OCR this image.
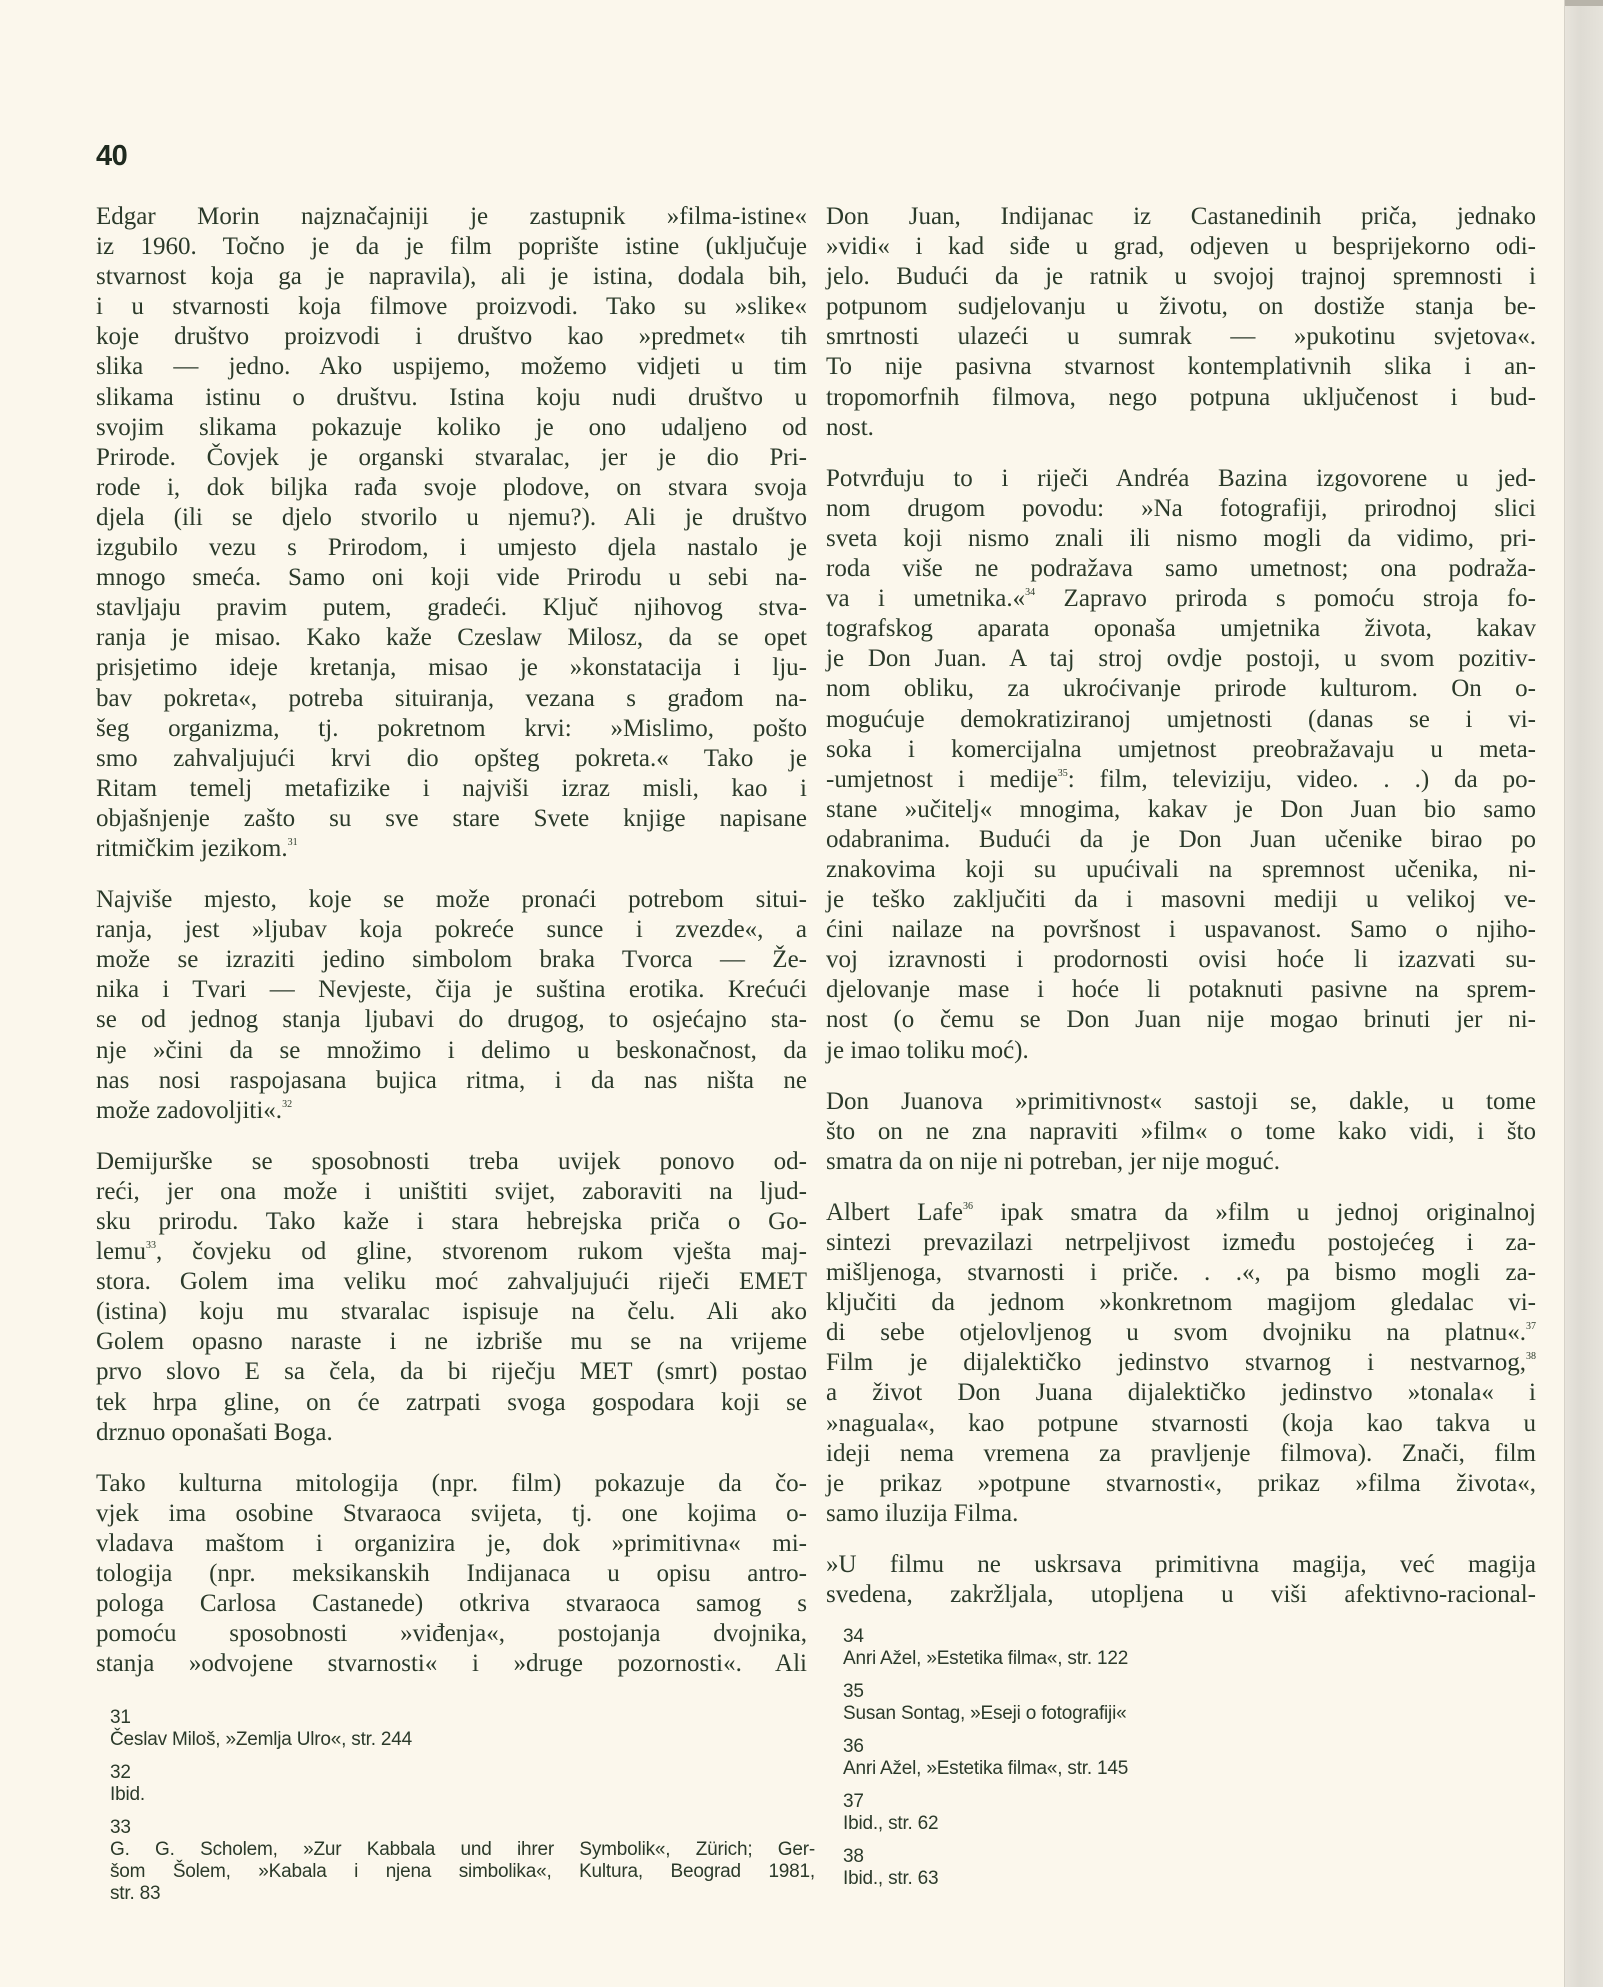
40
Edgar Morin najznačajniji je zastupnik »filma-istine«
iz 1960. Točno je da je film poprište istine (uključuje
stvarnost koja ga je napravila), ali je istina, dodala bih,
i u stvarnosti koja filmove proizvodi. Tako su »slike«
koje društvo proizvodi i društvo kao »predmet« tih
slika — jedno. Ako uspijemo, možemo vidjeti u tim
slikama istinu o društvu. Istina koju nudi društvo u
svojim slikama pokazuje koliko je ono udaljeno od
Prirode. Čovjek je organski stvaralac, jer je dio Pri-
rode i, dok biljka rađa svoje plodove, on stvara svoja
djela (ili se djelo stvorilo u njemu?). Ali je društvo
izgubilo vezu s Prirodom, i umjesto djela nastalo je
mnogo smeća. Samo oni koji vide Prirodu u sebi na-
stavljaju pravim putem, gradeći. Ključ njihovog stva-
ranja je misao. Kako kaže Czeslaw Milosz, da se opet
prisjetimo ideje kretanja, misao je »konstatacija i lju-
bav pokreta«, potreba situiranja, vezana s građom na-
šeg organizma, tj. pokretnom krvi: »Mislimo, pošto
smo zahvaljujući krvi dio opšteg pokreta.« Tako je
Ritam temelj metafizike i najviši izraz misli, kao i
objašnjenje zašto su sve stare Svete knjige napisane
ritmičkim jezikom.$^{31}$
Najviše mjesto, koje se može pronaći potrebom situi-
ranja, jest »ljubav koja pokreće sunce i zvezde«, a
može se izraziti jedino simbolom braka Tvorca — Že-
nika i Tvari — Nevjeste, čija je suština erotika. Krećući
se od jednog stanja ljubavi do drugog, to osjećajno sta-
nje »čini da se množimo i delimo u beskonačnost, da
nas nosi raspojasana bujica ritma, i da nas ništa ne
može zadovoljiti«.$^{32}$
Demijurške se sposobnosti treba uvijek ponovo od-
reći, jer ona može i uništiti svijet, zaboraviti na ljud-
sku prirodu. Tako kaže i stara hebrejska priča o Go-
lemu$^{33}$, čovjeku od gline, stvorenom rukom vješta maj-
stora. Golem ima veliku moć zahvaljujući riječi EMET
(istina) koju mu stvaralac ispisuje na čelu. Ali ako
Golem opasno naraste i ne izbriše mu se na vrijeme
prvo slovo E sa čela, da bi riječju MET (smrt) postao
tek hrpa gline, on će zatrpati svoga gospodara koji se
drznuo oponašati Boga.
Tako kulturna mitologija (npr. film) pokazuje da čo-
vjek ima osobine Stvaraoca svijeta, tj. one kojima o-
vladava maštom i organizira je, dok »primitivna« mi-
tologija (npr. meksikanskih Indijanaca u opisu antro-
pologa Carlosa Castanede) otkriva stvaraoca samog s
pomoću sposobnosti »viđenja«, postojanja dvojnika,
stanja »odvojene stvarnosti« i »druge pozornosti«. Ali
Don Juan, Indijanac iz Castanedinih priča, jednako
»vidi« i kad siđe u grad, odjeven u besprijekorno odi-
jelo. Budući da je ratnik u svojoj trajnoj spremnosti i
potpunom sudjelovanju u životu, on dostiže stanja be-
smrtnosti ulazeći u sumrak — »pukotinu svjetova«.
To nije pasivna stvarnost kontemplativnih slika i an-
tropomorfnih filmova, nego potpuna uključenost i bud-
nost.
Potvrđuju to i riječi Andréa Bazina izgovorene u jed-
nom drugom povodu: »Na fotografiji, prirodnoj slici
sveta koji nismo znali ili nismo mogli da vidimo, pri-
roda više ne podražava samo umetnost; ona podraža-
va i umetnika.«$^{34}$ Zapravo priroda s pomoću stroja fo-
tografskog aparata oponaša umjetnika života, kakav
je Don Juan. A taj stroj ovdje postoji, u svom pozitiv-
nom obliku, za ukroćivanje prirode kulturom. On o-
mogućuje demokratiziranoj umjetnosti (danas se i vi-
soka i komercijalna umjetnost preobražavaju u meta-
-umjetnost i medije$^{35}$: film, televiziju, video. . .) da po-
stane »učitelj« mnogima, kakav je Don Juan bio samo
odabranima. Budući da je Don Juan učenike birao po
znakovima koji su upućivali na spremnost učenika, ni-
je teško zaključiti da i masovni mediji u velikoj ve-
ćini nailaze na površnost i uspavanost. Samo o njiho-
voj izravnosti i prodornosti ovisi hoće li izazvati su-
djelovanje mase i hoće li potaknuti pasivne na sprem-
nost (o čemu se Don Juan nije mogao brinuti jer ni-
je imao toliku moć).
Don Juanova »primitivnost« sastoji se, dakle, u tome
što on ne zna napraviti »film« o tome kako vidi, i što
smatra da on nije ni potreban, jer nije moguć.
Albert Lafe$^{36}$ ipak smatra da »film u jednoj originalnoj
sintezi prevazilazi netrpeljivost između postojećeg i za-
mišljenoga, stvarnosti i priče. . .«, pa bismo mogli za-
ključiti da jednom »konkretnom magijom gledalac vi-
di sebe otjelovljenog u svom dvojniku na platnu«.$^{37}$
Film je dijalektičko jedinstvo stvarnog i nestvarnog,$^{38}$
a život Don Juana dijalektičko jedinstvo »tonala« i
»naguala«, kao potpune stvarnosti (koja kao takva u
ideji nema vremena za pravljenje filmova). Znači, film
je prikaz »potpune stvarnosti«, prikaz »filma života«,
samo iluzija Filma.
»U filmu ne uskrsava primitivna magija, već magija
svedena, zakržljala, utopljena u viši afektivno-racional-
31
Česlav Miloš, »Zemlja Ulro«, str. 244
32
Ibid.
33
G. G. Scholem, »Zur Kabbala und ihrer Symbolik«, Zürich; Ger-
šom Šolem, »Kabala i njena simbolika«, Kultura, Beograd 1981,
str. 83
34
Anri Ažel, »Estetika filma«, str. 122
35
Susan Sontag, »Eseji o fotografiji«
36
Anri Ažel, »Estetika filma«, str. 145
37
Ibid., str. 62
38
Ibid., str. 63
